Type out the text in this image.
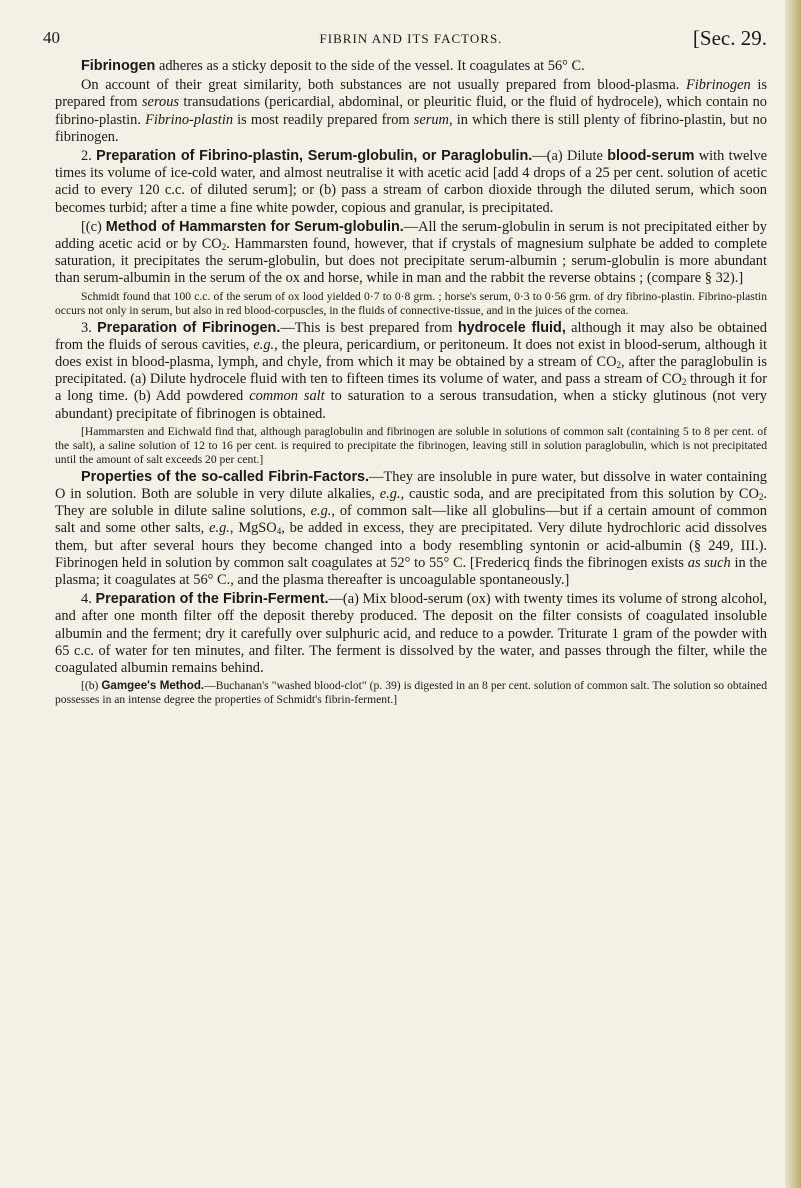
40	FIBRIN AND ITS FACTORS.	[Sec. 29.

Fibrinogen adheres as a sticky deposit to the side of the vessel. It coagulates at 56° C.

On account of their great similarity, both substances are not usually prepared from blood-plasma. Fibrinogen is prepared from serous transudations (pericardial, abdominal, or pleuritic fluid, or the fluid of hydrocele), which contain no fibrino-plastin. Fibrino-plastin is most readily prepared from serum, in which there is still plenty of fibrino-plastin, but no fibrinogen.

2. Preparation of Fibrino-plastin, Serum-globulin, or Paraglobulin.—(a) Dilute blood-serum with twelve times its volume of ice-cold water, and almost neutralise it with acetic acid [add 4 drops of a 25 per cent. solution of acetic acid to every 120 c.c. of diluted serum]; or (b) pass a stream of carbon dioxide through the diluted serum, which soon becomes turbid; after a time a fine white powder, copious and granular, is precipitated.

[(c) Method of Hammarsten for Serum-globulin.—All the serum-globulin in serum is not precipitated either by adding acetic acid or by $CO_2$. Hammarsten found, however, that if crystals of magnesium sulphate be added to complete saturation, it precipitates the serum-globulin, but does not precipitate serum-albumin ; serum-globulin is more abundant than serum-albumin in the serum of the ox and horse, while in man and the rabbit the reverse obtains ; (compare § 32).]

Schmidt found that 100 c.c. of the serum of ox lood yielded 0·7 to 0·8 grm. ; horse's serum, 0·3 to 0·56 grm. of dry fibrino-plastin. Fibrino-plastin occurs not only in serum, but also in red blood-corpuscles, in the fluids of connective-tissue, and in the juices of the cornea.

3. Preparation of Fibrinogen.—This is best prepared from hydrocele fluid, although it may also be obtained from the fluids of serous cavities, e.g., the pleura, pericardium, or peritoneum. It does not exist in blood-serum, although it does exist in blood-plasma, lymph, and chyle, from which it may be obtained by a stream of $CO_2$, after the paraglobulin is precipitated. (a) Dilute hydrocele fluid with ten to fifteen times its volume of water, and pass a stream of $CO_2$ through it for a long time. (b) Add powdered common salt to saturation to a serous transudation, when a sticky glutinous (not very abundant) precipitate of fibrinogen is obtained.

[Hammarsten and Eichwald find that, although paraglobulin and fibrinogen are soluble in solutions of common salt (containing 5 to 8 per cent. of the salt), a saline solution of 12 to 16 per cent. is required to precipitate the fibrinogen, leaving still in solution paraglobulin, which is not precipitated until the amount of salt exceeds 20 per cent.]

Properties of the so-called Fibrin-Factors.—They are insoluble in pure water, but dissolve in water containing O in solution. Both are soluble in very dilute alkalies, e.g., caustic soda, and are precipitated from this solution by $CO_2$. They are soluble in dilute saline solutions, e.g., of common salt—like all globulins—but if a certain amount of common salt and some other salts, e.g., MgSO$_4$, be added in excess, they are precipitated. Very dilute hydrochloric acid dissolves them, but after several hours they become changed into a body resembling syntonin or acid-albumin (§ 249, III.). Fibrinogen held in solution by common salt coagulates at 52° to 55° C. [Fredericq finds the fibrinogen exists as such in the plasma; it coagulates at 56° C., and the plasma thereafter is uncoagulable spontaneously.]

4. Preparation of the Fibrin-Ferment.—(a) Mix blood-serum (ox) with twenty times its volume of strong alcohol, and after one month filter off the deposit thereby produced. The deposit on the filter consists of coagulated insoluble albumin and the ferment; dry it carefully over sulphuric acid, and reduce to a powder. Triturate 1 gram of the powder with 65 c.c. of water for ten minutes, and filter. The ferment is dissolved by the water, and passes through the filter, while the coagulated albumin remains behind.

[(b) Gamgee's Method.—Buchanan's "washed blood-clot" (p. 39) is digested in an 8 per cent. solution of common salt. The solution so obtained possesses in an intense degree the properties of Schmidt's fibrin-ferment.]
